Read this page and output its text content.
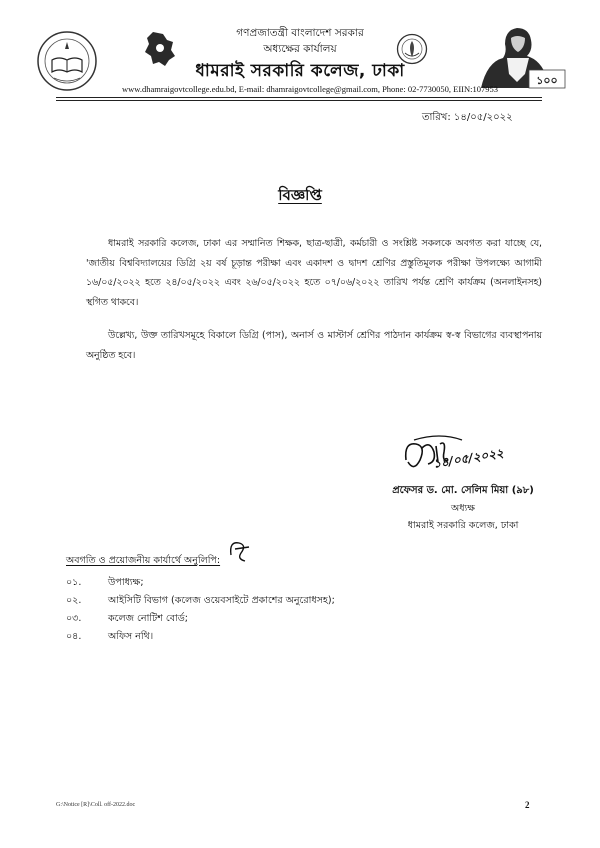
১০০
গণপ্রজাতন্ত্রী বাংলাদেশ সরকার
অধ্যক্ষের কার্যালয়
ধামরাই সরকারি কলেজ, ঢাকা
www.dhamraigovtcollege.edu.bd, E-mail: dhamraigovtcollege@gmail.com, Phone: 02-7730050, EIIN:107953
তারিখ: ১৪/০৫/২০২২
বিজ্ঞপ্তি
ধামরাই সরকারি কলেজ, ঢাকা এর সম্মানিত শিক্ষক, ছাত্র-ছাত্রী, কর্মচারী ও সংশ্লিষ্ট সকলকে অবগত করা যাচ্ছে যে, 'জাতীয় বিশ্ববিদ্যালয়ের ডিগ্রি ২য় বর্ষ চূড়ান্ত পরীক্ষা এবং একাদশ ও দ্বাদশ শ্রেণির প্রস্তুতিমূলক পরীক্ষা উপলক্ষ্যে আগামী ১৬/০৫/২০২২ হতে ২৪/০৫/২০২২ এবং ২৬/০৫/২০২২ হতে ০৭/০৬/২০২২ তারিখ পর্যন্ত শ্রেণি কার্যক্রম (অনলাইনসহ) স্থগিত থাকবে।
উল্লেখ্য, উক্ত তারিখসমূহে বিকালে ডিগ্রি (পাস), অনার্স ও মাস্টার্স শ্রেণির পাঠদান কার্যক্রম স্ব-স্ব বিভাগের ব্যবস্থাপনায় অনুষ্ঠিত হবে।
১৪/০৫/২০২২
প্রফেসর ড. মো. সেলিম মিয়া (৯৮)
অধ্যক্ষ
ধামরাই সরকারি কলেজ, ঢাকা
অবগতি ও প্রয়োজনীয় কার্যার্থে অনুলিপি:
০১.	উপাধ্যক্ষ;
০২.	আইসিটি বিভাগ (কলেজ ওয়েবসাইটে প্রকাশের অনুরোধসহ);
০৩.	কলেজ নোটিশ বোর্ড;
০৪.	অফিস নথি।
G:\Notice [R]\Coll. off-2022.doc	2
